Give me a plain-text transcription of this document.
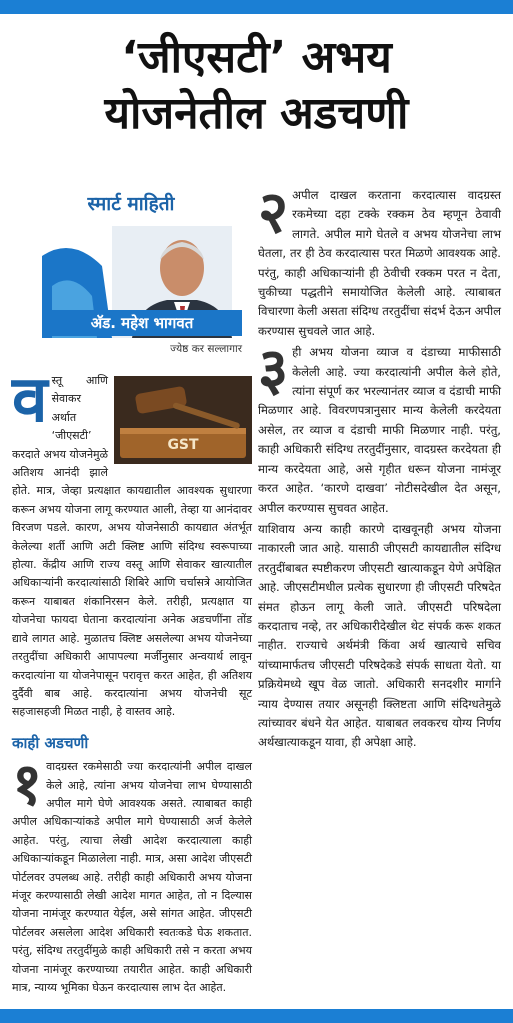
‘जीएसटी’ अभय
योजनेतील अडचणी
स्मार्ट माहिती
अ‍ॅड. महेश भागवत
ज्येष्ठ कर सल्लागार

व
GST
स्तू आणि सेवाकर अर्थात ‘जीएसटी’ करदाते अभय योजनेमुळे अतिशय आनंदी झाले होते. मात्र, जेव्हा प्रत्यक्षात कायद्यातील आवश्यक सुधारणा करून अभय योजना लागू करण्यात आली, तेव्हा या आनंदावर विरजण पडले. कारण, अभय योजनेसाठी कायद्यात अंतर्भूत केलेल्या शर्ती आणि अटी क्लिष्ट आणि संदिग्ध स्वरूपाच्या होत्या. केंद्रीय आणि राज्य वस्तू आणि सेवाकर खात्यातील अधिकाऱ्यांनी करदात्यांसाठी शिबिरे आणि चर्चासत्रे आयोजित करून याबाबत शंकानिरसन केले. तरीही, प्रत्यक्षात या योजनेचा फायदा घेताना करदात्यांना अनेक अडचणींना तोंड द्यावे लागत आहे. मुळातच क्लिष्ट असलेल्या अभय योजनेच्या तरतुदींचा अधिकारी आपापल्या मर्जीनुसार अन्वयार्थ लावून करदात्यांना या योजनेपासून परावृत्त करत आहेत, ही अतिशय दुर्दैवी बाब आहे. करदात्यांना अभय योजनेची सूट सहजासहजी मिळत नाही, हे वास्तव आहे.

काही अडचणी

१ वादग्रस्त रकमेसाठी ज्या करदात्यांनी अपील दाखल केले आहे, त्यांना अभय योजनेचा लाभ घेण्यासाठी अपील मागे घेणे आवश्यक असते. त्याबाबत काही अपील अधिकाऱ्यांकडे अपील मागे घेण्यासाठी अर्ज केलेले आहेत. परंतु, त्याचा लेखी आदेश करदात्याला काही अधिकाऱ्यांकडून मिळालेला नाही. मात्र, असा आदेश जीएसटी पोर्टलवर उपलब्ध आहे. तरीही काही अधिकारी अभय योजना मंजूर करण्यासाठी लेखी आदेश मागत आहेत, तो न दिल्यास योजना नामंजूर करण्यात येईल, असे सांगत आहेत. जीएसटी पोर्टलवर असलेला आदेश अधिकारी स्वतःकडे घेऊ शकतात. परंतु, संदिग्ध तरतुदींमुळे काही अधिकारी तसे न करता अभय योजना नामंजूर करण्याच्या तयारीत आहेत. काही अधिकारी मात्र, न्याय्य भूमिका घेऊन करदात्यास लाभ देत आहेत.

२ अपील दाखल करताना करदात्यास वादग्रस्त रकमेच्या दहा टक्के रक्कम ठेव म्हणून ठेवावी लागते. अपील मागे घेतले व अभय योजनेचा लाभ घेतला, तर ही ठेव करदात्यास परत मिळणे आवश्यक आहे. परंतु, काही अधिकाऱ्यांनी ही ठेवीची रक्कम परत न देता, चुकीच्या पद्धतीने समायोजित केलेली आहे. त्याबाबत विचारणा केली असता संदिग्ध तरतुदींचा संदर्भ देऊन अपील करण्यास सुचवले जात आहे.

३ ही अभय योजना व्याज व दंडाच्या माफीसाठी केलेली आहे. ज्या करदात्यांनी अपील केले होते, त्यांना संपूर्ण कर भरल्यानंतर व्याज व दंडाची माफी मिळणार आहे. विवरणपत्रानुसार मान्य केलेली करदेयता असेल, तर व्याज व दंडाची माफी मिळणार नाही. परंतु, काही अधिकारी संदिग्ध तरतुदींनुसार, वादग्रस्त करदेयता ही मान्य करदेयता आहे, असे गृहीत धरून योजना नामंजूर करत आहेत. ‘कारणे दाखवा’ नोटीसदेखील देत असून, अपील करण्यास सुचवत आहेत.

याशिवाय अन्य काही कारणे दाखवूनही अभय योजना नाकारली जात आहे. यासाठी जीएसटी कायद्यातील संदिग्ध तरतुदींबाबत स्पष्टीकरण जीएसटी खात्याकडून येणे अपेक्षित आहे. जीएसटीमधील प्रत्येक सुधारणा ही जीएसटी परिषदेत संमत होऊन लागू केली जाते. जीएसटी परिषदेला करदाताच नव्हे, तर अधिकारीदेखील थेट संपर्क करू शकत नाहीत. राज्याचे अर्थमंत्री किंवा अर्थ खात्याचे सचिव यांच्यामार्फतच जीएसटी परिषदेकडे संपर्क साधता येतो. या प्रक्रियेमध्ये खूप वेळ जातो. अधिकारी सनदशीर मार्गाने न्याय देण्यास तयार असूनही क्लिष्टता आणि संदिग्धतेमुळे त्यांच्यावर बंधने येत आहेत. याबाबत लवकरच योग्य निर्णय अर्थखात्याकडून यावा, ही अपेक्षा आहे.
